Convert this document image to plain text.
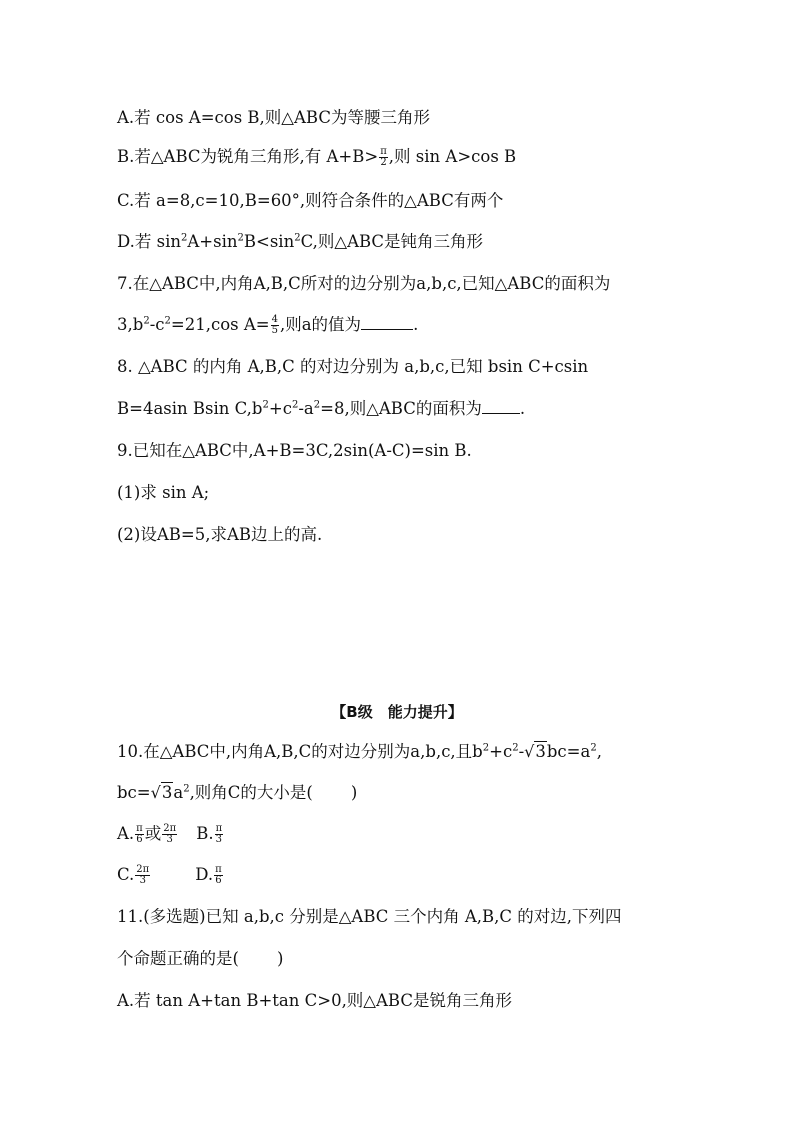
A.若 cos A=cos B,则△ABC为等腰三角形
B.若△ABC为锐角三角形,有 $A+B> \frac{\pi}{2}$ ,则 sin A>cos B
C.若 a=8,c=10,B=60°,则符合条件的△ABC有两个
D.若 $\sin^2A+\sin^2B<\sin^2C$,则△ABC是钝角三角形
7.在△ABC中,内角A,B,C所对的边分别为a,b,c,已知△ABC的面积为
$3,b^2-c^2=21,\cos$ $A= \frac{4}{5}$ ,则a的值为	.
8. △ABC 的内角 A,B,C 的对边分别为 a,b,c,已知 bsin C+csin
B=4asin Bsin $C,b^2+c^2-a^2=8$,则△ABC的面积为 .
9.已知在△ABC中,A+B=3C,2sin(A-C)=sin B.
(1)求 sin A;
(2)设AB=5,求AB边上的高.
【B级　能力提升】
10.在△ABC中,内角A,B,C的对边分别为a,b,c,且$b^2+c^2-√3bc=a^2$,
$bc=√3a^2$,则角C的大小是( )
A. $\frac{\pi}{6}$ 或 $\frac{2\pi}{3} B$. $\frac{\pi}{3}$
C. $\frac{2\pi}{3}$	D. $\frac{\pi}{6}$
11.(多选题)已知 a,b,c 分别是△ABC 三个内角 A,B,C 的对边,下列四
个命题正确的是( )
A.若 tan A+tan B+tan C>0,则△ABC是锐角三角形
